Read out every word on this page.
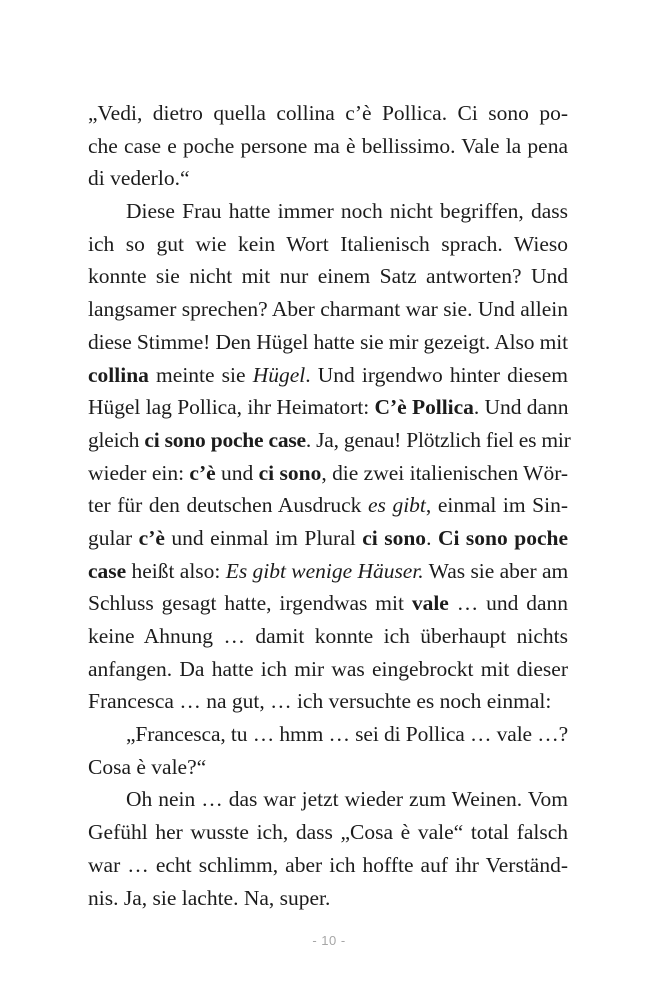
„Vedi, dietro quella collina c’è Pollica. Ci sono po-
che case e poche persone ma è bellissimo. Vale la pena
di vederlo.“
Diese Frau hatte immer noch nicht begriffen, dass
ich so gut wie kein Wort Italienisch sprach. Wieso
konnte sie nicht mit nur einem Satz antworten? Und
langsamer sprechen? Aber charmant war sie. Und allein
diese Stimme! Den Hügel hatte sie mir gezeigt. Also mit
collina meinte sie Hügel. Und irgendwo hinter diesem
Hügel lag Pollica, ihr Heimatort: C’è Pollica. Und dann
gleich ci sono poche case. Ja, genau! Plötzlich fiel es mir
wieder ein: c’è und ci sono, die zwei italienischen Wör-
ter für den deutschen Ausdruck es gibt, einmal im Sin-
gular c’è und einmal im Plural ci sono. Ci sono poche
case heißt also: Es gibt wenige Häuser. Was sie aber am
Schluss gesagt hatte, irgendwas mit vale … und dann
keine Ahnung … damit konnte ich überhaupt nichts
anfangen. Da hatte ich mir was eingebrockt mit dieser
Francesca … na gut, … ich versuchte es noch einmal:
„Francesca, tu … hmm … sei di Pollica … vale …?
Cosa è vale?“
Oh nein … das war jetzt wieder zum Weinen. Vom
Gefühl her wusste ich, dass „Cosa è vale“ total falsch
war … echt schlimm, aber ich hoffte auf ihr Verständ-
nis. Ja, sie lachte. Na, super.
- 10 -
